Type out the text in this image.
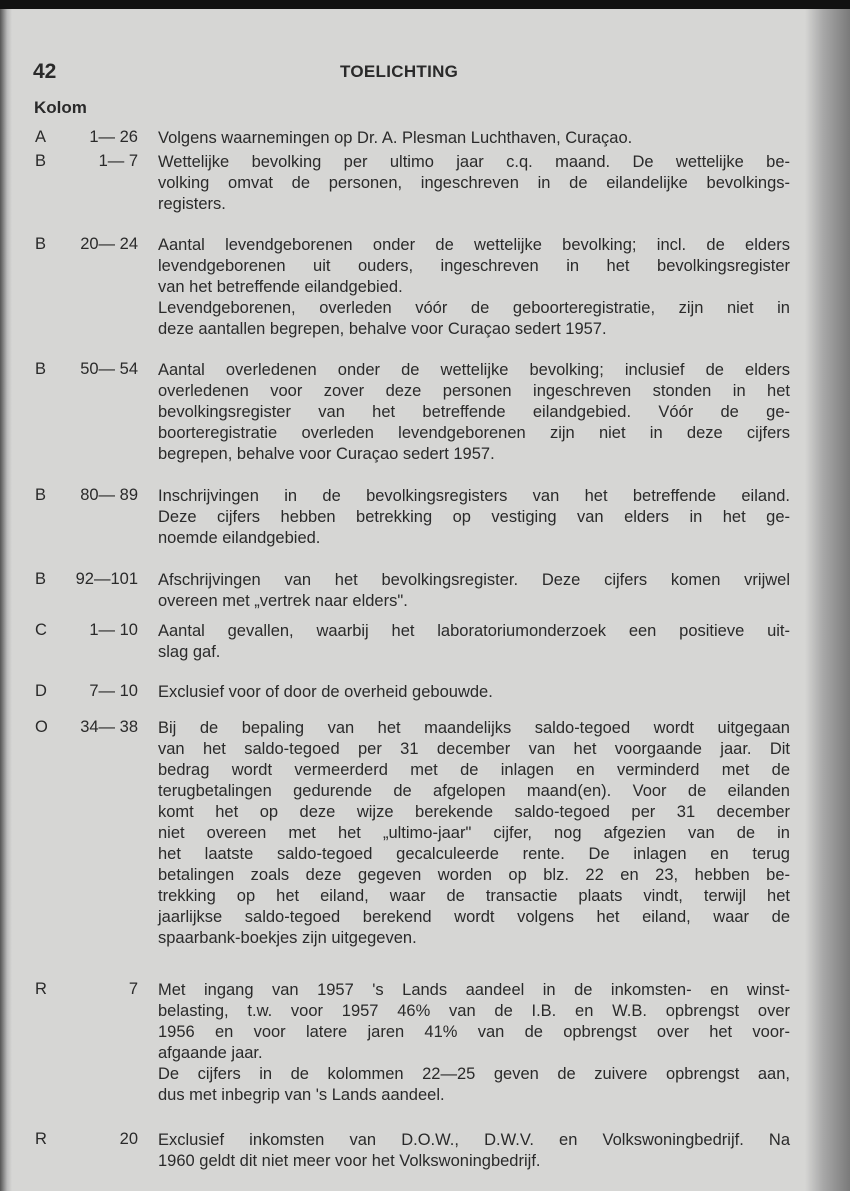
42	TOELICHTING
Kolom
A	1— 26 Volgens waarnemingen op Dr. A. Plesman Luchthaven, Curaçao.
B	1— 7 Wettelijke bevolking per ultimo jaar c.q. maand. De wettelijke be-
volking omvat de personen, ingeschreven in de eilandelijke bevolkings-
registers.
B	20— 24 Aantal levendgeborenen onder de wettelijke bevolking; incl. de elders
levendgeborenen uit ouders, ingeschreven in het bevolkingsregister
van het betreffende eilandgebied.
Levendgeborenen, overleden vóór de geboorteregistratie, zijn niet in
deze aantallen begrepen, behalve voor Curaçao sedert 1957.
B	50— 54 Aantal overledenen onder de wettelijke bevolking; inclusief de elders
overledenen voor zover deze personen ingeschreven stonden in het
bevolkingsregister van het betreffende eilandgebied. Vóór de ge-
boorteregistratie overleden levendgeborenen zijn niet in deze cijfers
begrepen, behalve voor Curaçao sedert 1957.
B	80— 89 Inschrijvingen in de bevolkingsregisters van het betreffende eiland.
Deze cijfers hebben betrekking op vestiging van elders in het ge-
noemde eilandgebied.
B	92—101 Afschrijvingen van het bevolkingsregister. Deze cijfers komen vrijwel
overeen met „vertrek naar elders".
C	1— 10 Aantal gevallen, waarbij het laboratoriumonderzoek een positieve uit-
slag gaf.
D	7— 10 Exclusief voor of door de overheid gebouwde.
O	34— 38 Bij de bepaling van het maandelijks saldo-tegoed wordt uitgegaan
van het saldo-tegoed per 31 december van het voorgaande jaar. Dit
bedrag wordt vermeerderd met de inlagen en verminderd met de
terugbetalingen gedurende de afgelopen maand(en). Voor de eilanden
komt het op deze wijze berekende saldo-tegoed per 31 december
niet overeen met het „ultimo-jaar" cijfer, nog afgezien van de in
het laatste saldo-tegoed gecalculeerde rente. De inlagen en terug
betalingen zoals deze gegeven worden op blz. 22 en 23, hebben be-
trekking op het eiland, waar de transactie plaats vindt, terwijl het
jaarlijkse saldo-tegoed berekend wordt volgens het eiland, waar de
spaarbank-boekjes zijn uitgegeven.
R	7 Met ingang van 1957 's Lands aandeel in de inkomsten- en winst-
belasting, t.w. voor 1957 46% van de I.B. en W.B. opbrengst over
1956 en voor latere jaren 41% van de opbrengst over het voor-
afgaande jaar.
De cijfers in de kolommen 22—25 geven de zuivere opbrengst aan,
dus met inbegrip van 's Lands aandeel.
R	20 Exclusief inkomsten van D.O.W., D.W.V. en Volkswoningbedrijf. Na
1960 geldt dit niet meer voor het Volkswoningbedrijf.
